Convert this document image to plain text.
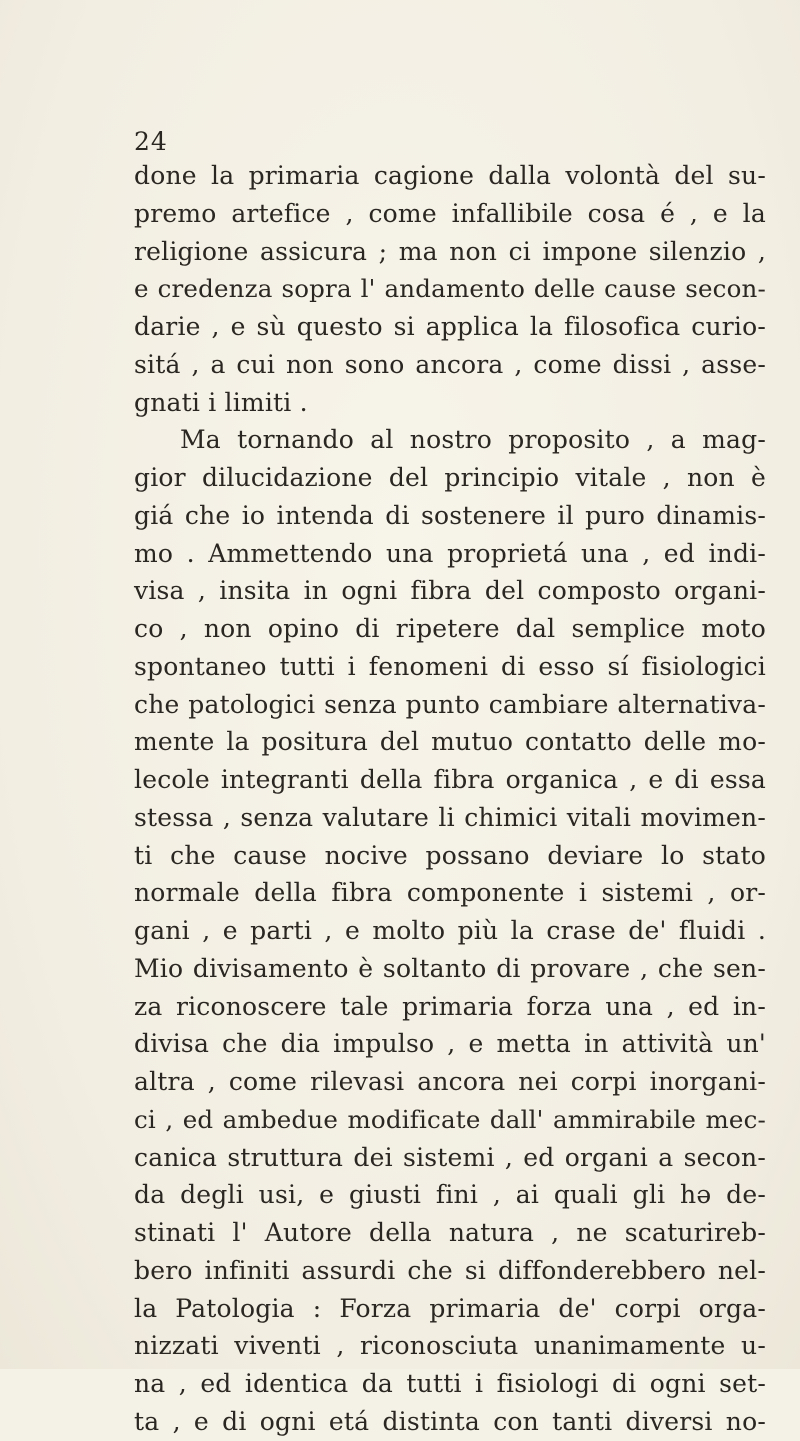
24
done la primaria cagione dalla volontà del su-
premo artefice , come infallibile cosa é , e la
religione assicura ; ma non ci impone silenzio ,
e credenza sopra l' andamento delle cause secon-
darie , e sù questo si applica la filosofica curio-
sitá , a cui non sono ancora , come dissi , asse-
gnati i limiti .
Ma tornando al nostro proposito , a mag-
gior dilucidazione del principio vitale , non è
giá che io intenda di sostenere il puro dinamis-
mo . Ammettendo una proprietá una , ed indi-
visa , insita in ogni fibra del composto organi-
co , non opino di ripetere dal semplice moto
spontaneo tutti i fenomeni di esso sí fisiologici
che patologici senza punto cambiare alternativa-
mente la positura del mutuo contatto delle mo-
lecole integranti della fibra organica , e di essa
stessa , senza valutare li chimici vitali movimen-
ti che cause nocive possano deviare lo stato
normale della fibra componente i sistemi , or-
gani , e parti , e molto più la crase de' fluidi .
Mio divisamento è soltanto di provare , che sen-
za riconoscere tale primaria forza una , ed in-
divisa che dia impulso , e metta in attività un'
altra , come rilevasi ancora nei corpi inorgani-
ci , ed ambedue modificate dall' ammirabile mec-
canica struttura dei sistemi , ed organi a secon-
da degli usi, e giusti fini , ai quali gli hə de-
stinati l' Autore della natura , ne scaturireb-
bero infiniti assurdi che si diffonderebbero nel-
la Patologia : Forza primaria de' corpi orga-
nizzati viventi , riconosciuta unanimamente u-
na , ed identica da tutti i fisiologi di ogni set-
ta , e di ogni etá distinta con tanti diversi no-
